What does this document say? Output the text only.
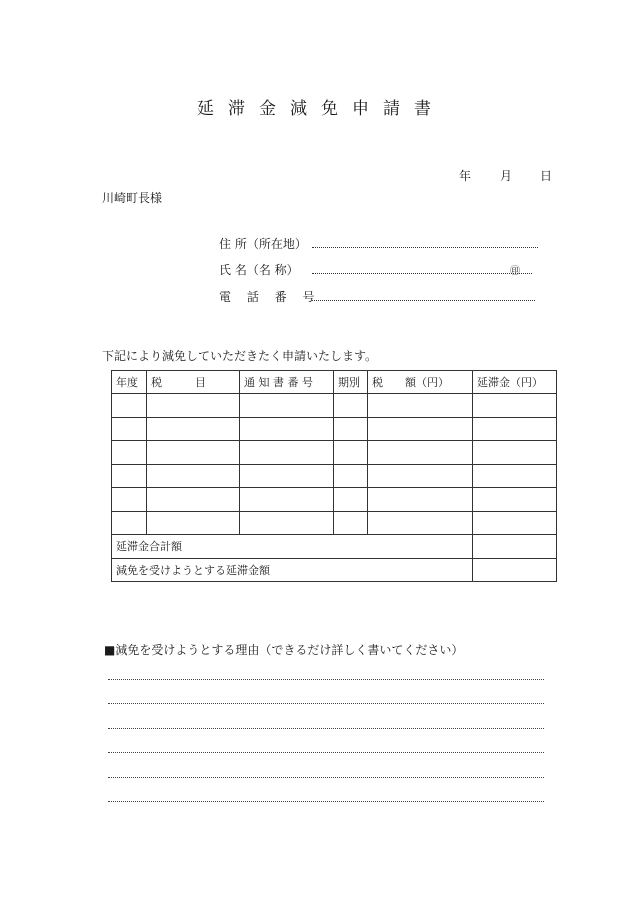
延滞金減免申請書
年 月 日
川崎町長様
住 所（所在地）
氏 名（名 称）	㊞
電 話 番 号
下記により減免していただきたく申請いたします。
年度	税　　　目	通 知 書 番 号	期別	税　　額（円）	延滞金（円）

延滞金合計額					
減免を受けようとする延滞金額					
■減免を受けようとする理由（できるだけ詳しく書いてください）
